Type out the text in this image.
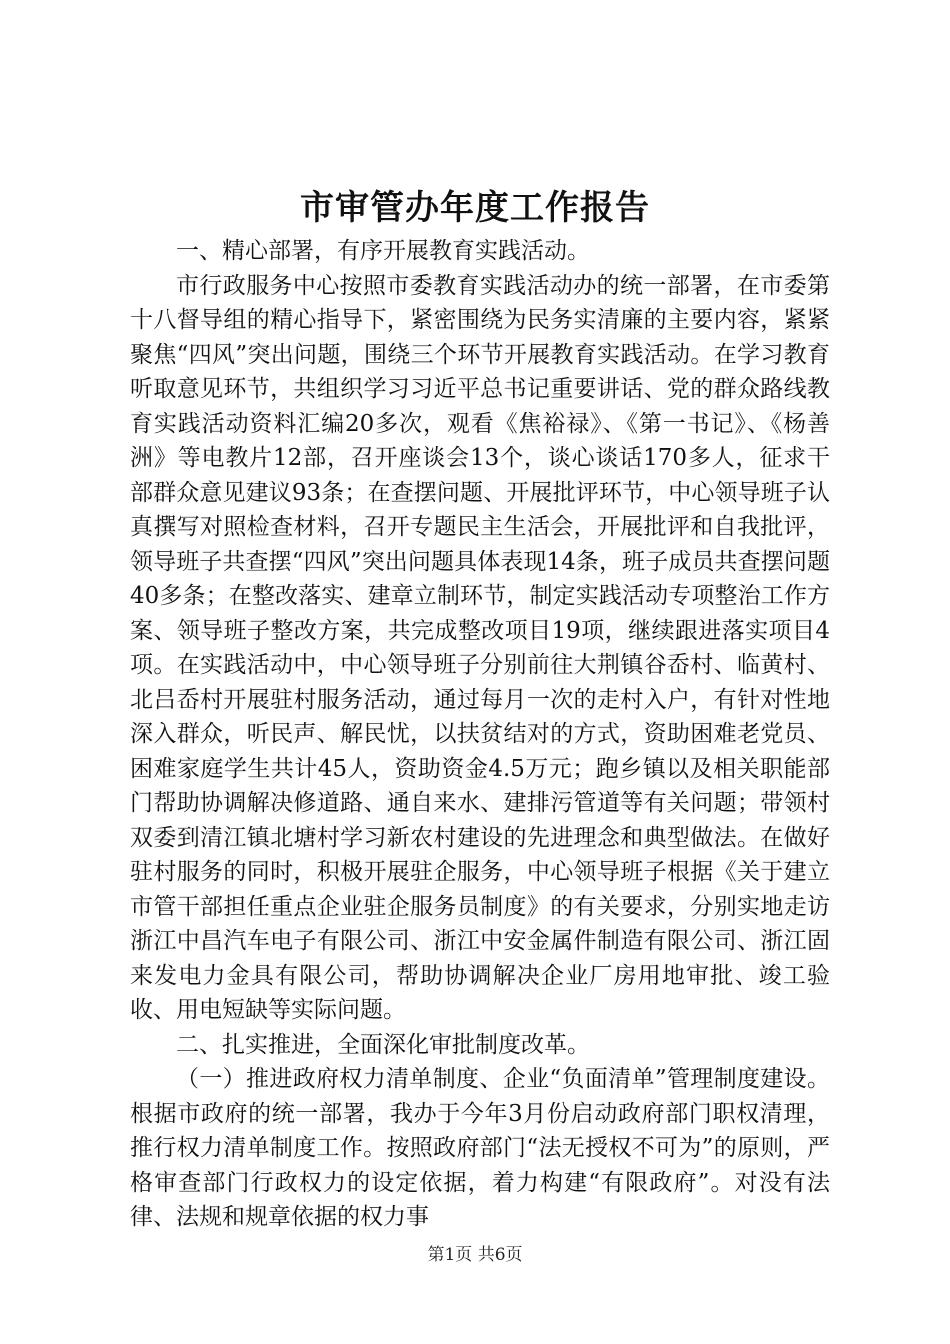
市审管办年度工作报告

一、精心部署，有序开展教育实践活动。

市行政服务中心按照市委教育实践活动办的统一部署，在市委第十八督导组的精心指导下，紧密围绕为民务实清廉的主要内容，紧紧聚焦“四风”突出问题，围绕三个环节开展教育实践活动。在学习教育听取意见环节，共组织学习习近平总书记重要讲话、党的群众路线教育实践活动资料汇编20多次，观看《焦裕禄》、《第一书记》、《杨善洲》等电教片12部，召开座谈会13个，谈心谈话170多人，征求干部群众意见建议93条；在查摆问题、开展批评环节，中心领导班子认真撰写对照检查材料，召开专题民主生活会，开展批评和自我批评，领导班子共查摆“四风”突出问题具体表现14条，班子成员共查摆问题40多条；在整改落实、建章立制环节，制定实践活动专项整治工作方案、领导班子整改方案，共完成整改项目19项，继续跟进落实项目4项。在实践活动中，中心领导班子分别前往大荆镇谷岙村、临黄村、北吕岙村开展驻村服务活动，通过每月一次的走村入户，有针对性地深入群众，听民声、解民忧，以扶贫结对的方式，资助困难老党员、困难家庭学生共计45人，资助资金4.5万元；跑乡镇以及相关职能部门帮助协调解决修道路、通自来水、建排污管道等有关问题；带领村双委到清江镇北塘村学习新农村建设的先进理念和典型做法。在做好驻村服务的同时，积极开展驻企服务，中心领导班子根据《关于建立市管干部担任重点企业驻企服务员制度》的有关要求，分别实地走访浙江中昌汽车电子有限公司、浙江中安金属件制造有限公司、浙江固来发电力金具有限公司，帮助协调解决企业厂房用地审批、竣工验收、用电短缺等实际问题。

二、扎实推进，全面深化审批制度改革。

（一）推进政府权力清单制度、企业“负面清单”管理制度建设。根据市政府的统一部署，我办于今年3月份启动政府部门职权清理，推行权力清单制度工作。按照政府部门“法无授权不可为”的原则，严格审查部门行政权力的设定依据，着力构建“有限政府”。对没有法律、法规和规章依据的权力事

第1页 共6页
